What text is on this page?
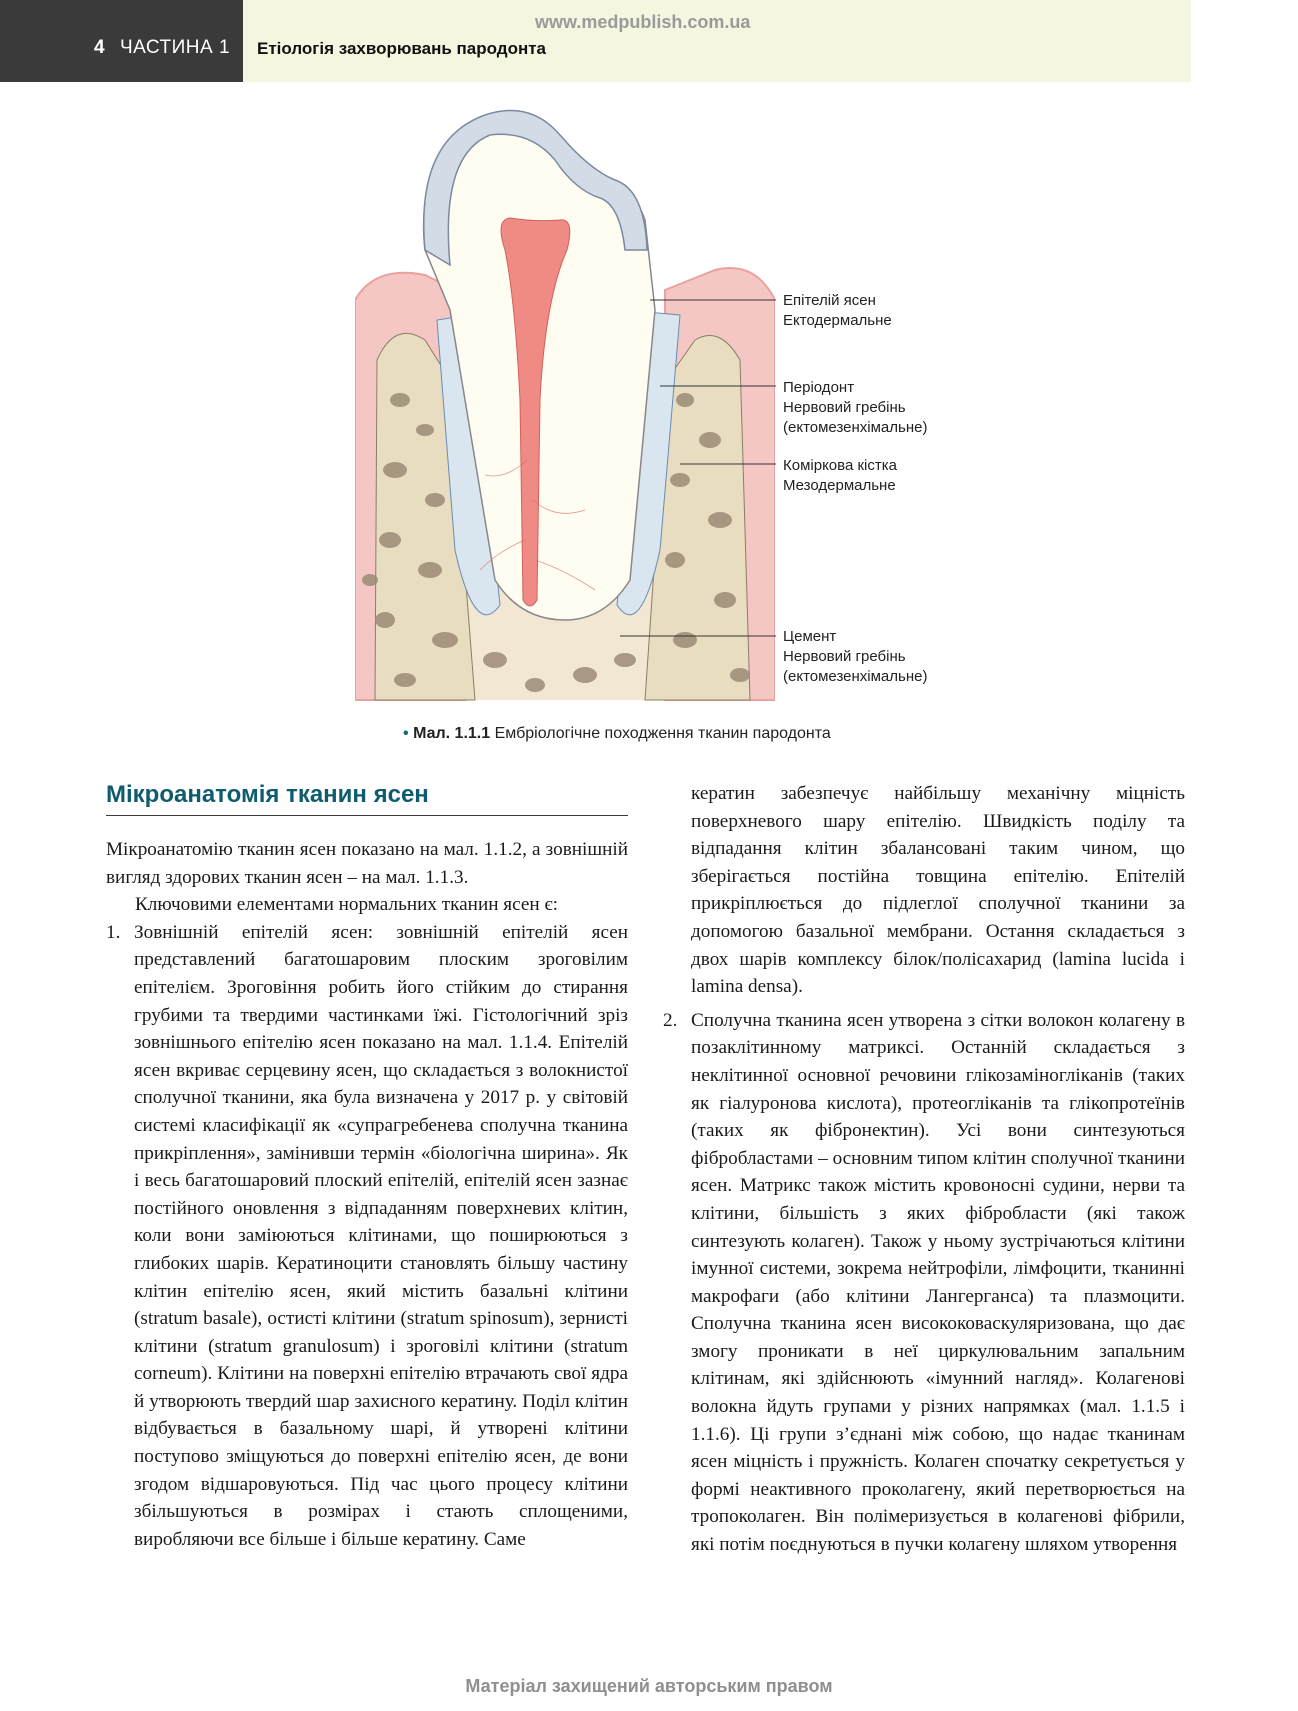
4 ЧАСТИНА 1
www.medpublish.com.ua
Етіологія захворювань пародонта
Епітелій ясен
Ектодермальне
Періодонт
Нервовий гребінь
(ектомезенхімальне)
Коміркова кістка
Мезодермальне
Цемент
Нервовий гребінь
(ектомезенхімальне)
• Мал. 1.1.1 Ембріологічне походження тканин пародонта
Мікроанатомія тканин ясен

Мікроанатомію тканин ясен показано на мал. 1.1.2, а зовнішній вигляд здорових тканин ясен – на мал. 1.1.3.

Ключовими елементами нормальних тканин ясен є:

1. Зовнішній епітелій ясен: зовнішній епітелій ясен представлений багатошаровим плоским зроговілим епітелієм. Зроговіння робить його стійким до стирання грубими та твердими частинками їжі. Гістологічний зріз зовнішнього епітелію ясен показано на мал. 1.1.4. Епітелій ясен вкриває серцевину ясен, що складається з волокнистої сполучної тканини, яка була визначена у 2017 р. у світовій системі класифікації як «супрагребенева сполучна тканина прикріплення», замінивши термін «біологічна ширина». Як і весь багатошаровий плоский епітелій, епітелій ясен зазнає постійного оновлення з відпаданням поверхневих клітин, коли вони заміюються клітинами, що поширюються з глибоких шарів. Кератиноцити становлять більшу частину клітин епітелію ясен, який містить базальні клітини (stratum basale), остисті клітини (stratum spinosum), зернисті клітини (stratum granulosum) і зроговілі клітини (stratum corneum). Клітини на поверхні епітелію втрачають свої ядра й утворюють твердий шар захисного кератину. Поділ клітин відбувається в базальному шарі, й утворені клітини поступово зміщуються до поверхні епітелію ясен, де вони згодом відшаровуються. Під час цього процесу клітини збільшуються в розмірах і стають сплощеними, виробляючи все більше і більше кератину. Саме

кератин забезпечує найбільшу механічну міцність поверхневого шару епітелію. Швидкість поділу та відпадання клітин збалансовані таким чином, що зберігається постійна товщина епітелію. Епітелій прикріплюється до підлеглої сполучної тканини за допомогою базальної мембрани. Остання складається з двох шарів комплексу білок/полісахарид (lamina lucida і lamina densa).

2. Сполучна тканина ясен утворена з сітки волокон колагену в позаклітинному матриксі. Останній складається з неклітинної основної речовини глікозаміногліканів (таких як гіалуронова кислота), протеогліканів та глікопротеїнів (таких як фібронектин). Усі вони синтезуються фібробластами – основним типом клітин сполучної тканини ясен. Матрикс також містить кровоносні судини, нерви та клітини, більшість з яких фібробласти (які також синтезують колаген). Також у ньому зустрічаються клітини імунної системи, зокрема нейтрофіли, лімфоцити, тканинні макрофаги (або клітини Лангерганса) та плазмоцити. Сполучна тканина ясен висококоваскуляризована, що дає змогу проникати в неї циркулювальним запальним клітинам, які здійснюють «імунний нагляд». Колагенові волокна йдуть групами у різних напрямках (мал. 1.1.5 і 1.1.6). Ці групи з’єднані між собою, що надає тканинам ясен міцність і пружність. Колаген спочатку секретується у формі неактивного проколагену, який перетворюється на тропоколаген. Він полімеризується в колагенові фібрили, які потім поєднуються в пучки колагену шляхом утворення

Матеріал захищений авторським правом
